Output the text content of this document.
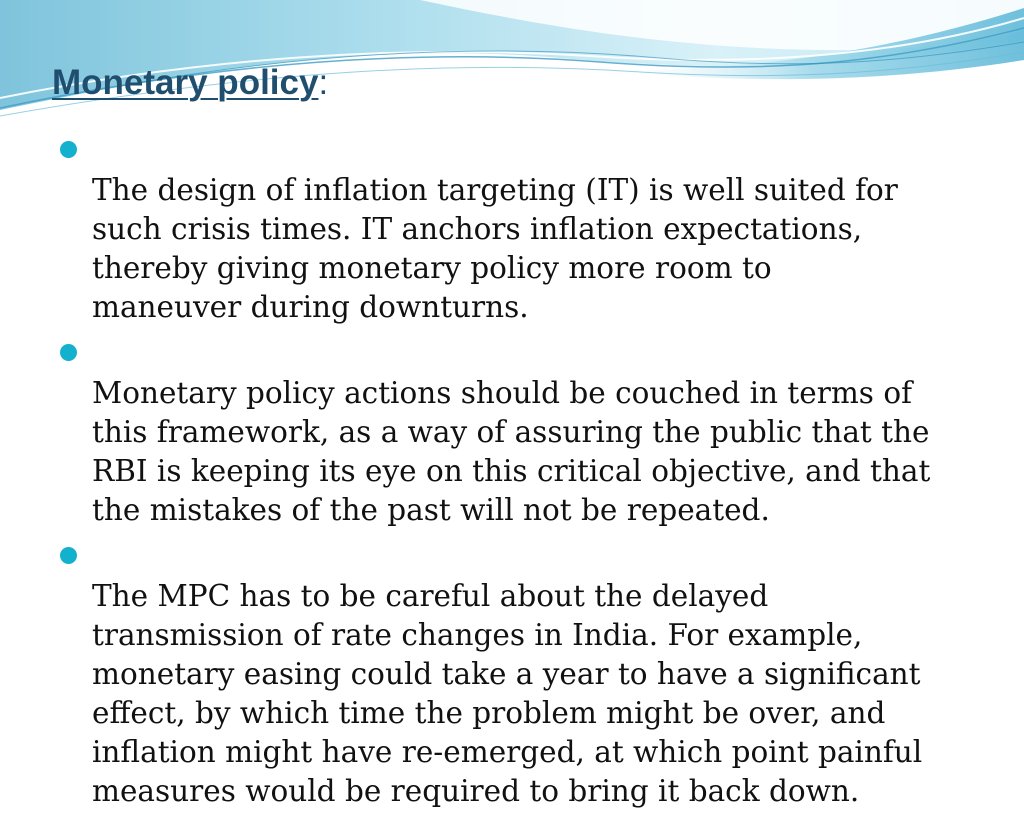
Monetary policy:

The design of inflation targeting (IT) is well suited for
such crisis times. IT anchors inflation expectations,
thereby giving monetary policy more room to
maneuver during downturns.

Monetary policy actions should be couched in terms of
this framework, as a way of assuring the public that the
RBI is keeping its eye on this critical objective, and that
the mistakes of the past will not be repeated.

The MPC has to be careful about the delayed
transmission of rate changes in India. For example,
monetary easing could take a year to have a significant
effect, by which time the problem might be over, and
inflation might have re-emerged, at which point painful
measures would be required to bring it back down.
